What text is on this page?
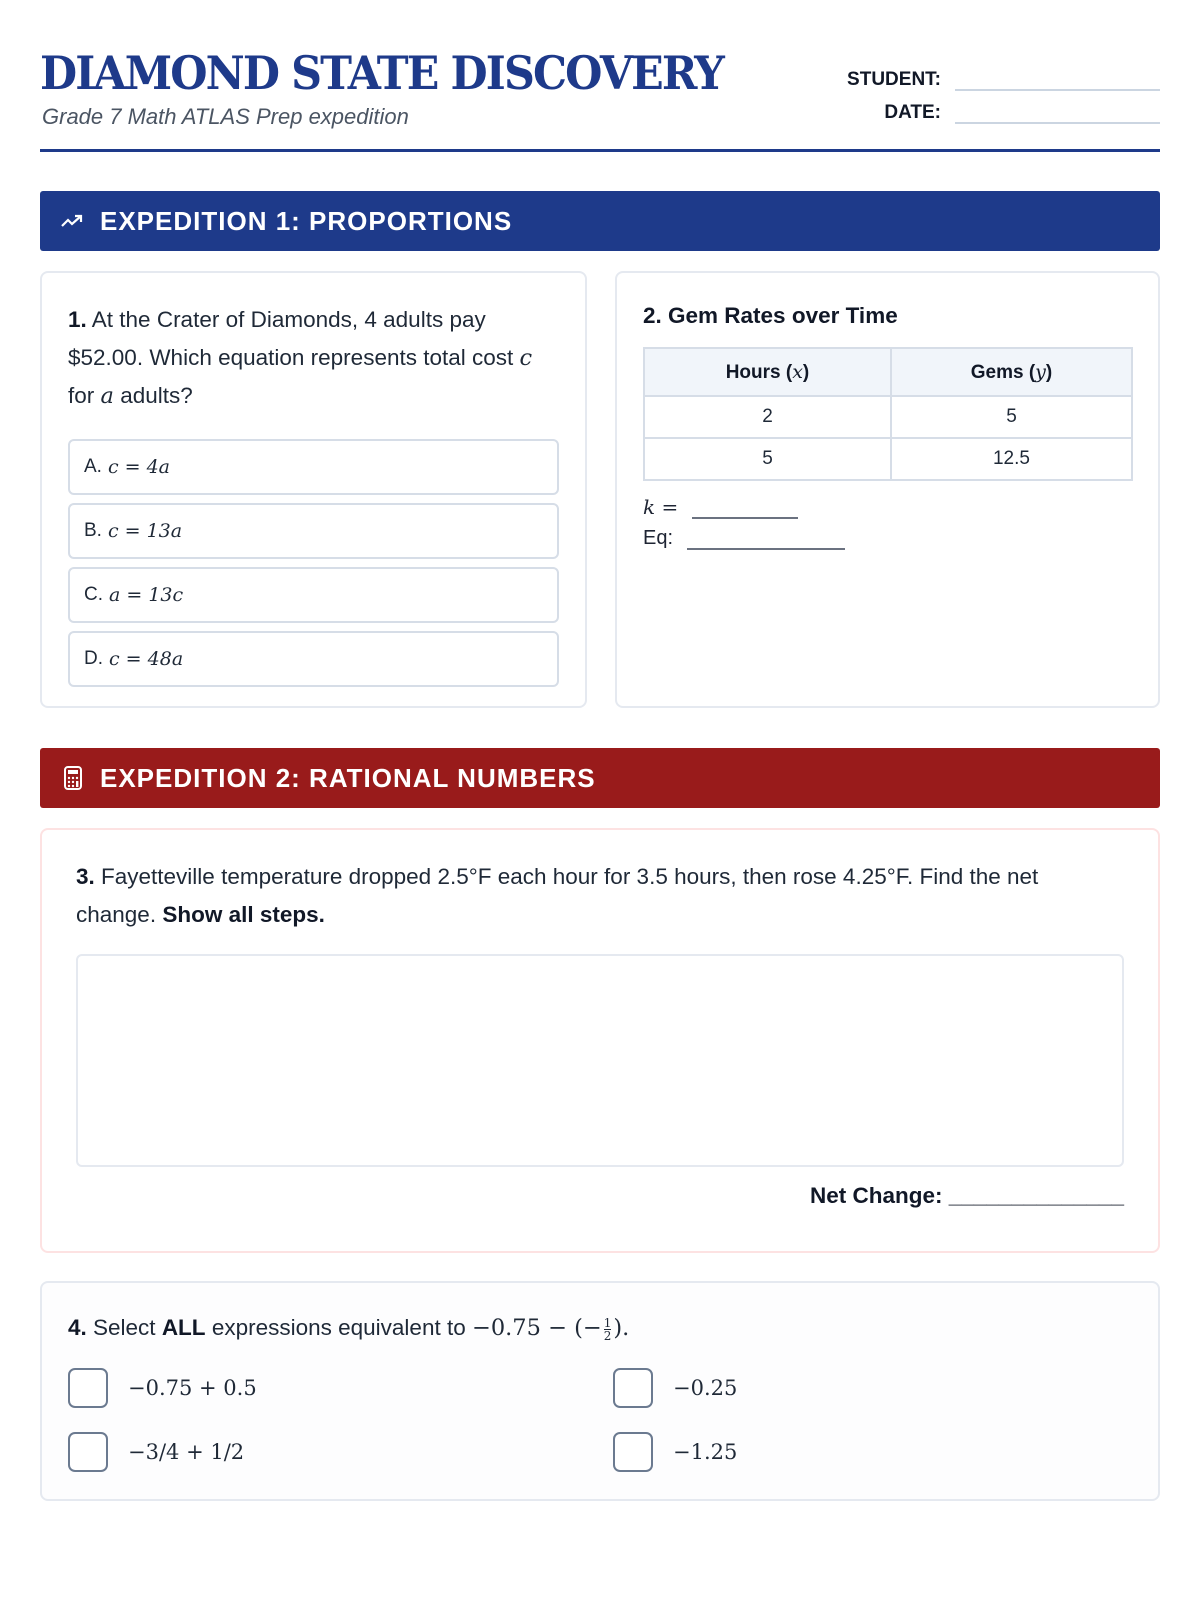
DIAMOND STATE DISCOVERY
Grade 7 Math ATLAS Prep expedition
STUDENT:
DATE:
EXPEDITION 1: PROPORTIONS
1. At the Crater of Diamonds, 4 adults pay $52.00. Which equation represents total cost c for a adults?
A. c = 4a
B. c = 13a
C. a = 13c
D. c = 48a
2. Gem Rates over Time
Hours (x)	Gems (y)
2	5
5	12.5
k =
Eq:
EXPEDITION 2: RATIONAL NUMBERS
3. Fayetteville temperature dropped 2.5°F each hour for 3.5 hours, then rose 4.25°F. Find the net change. Show all steps.
Net Change: ______________
4. Select ALL expressions equivalent to −0.75 − (− $\frac{1}{2}$ ).
−0.75 + 0.5	−0.25
−3/4 + 1/2	−1.25
